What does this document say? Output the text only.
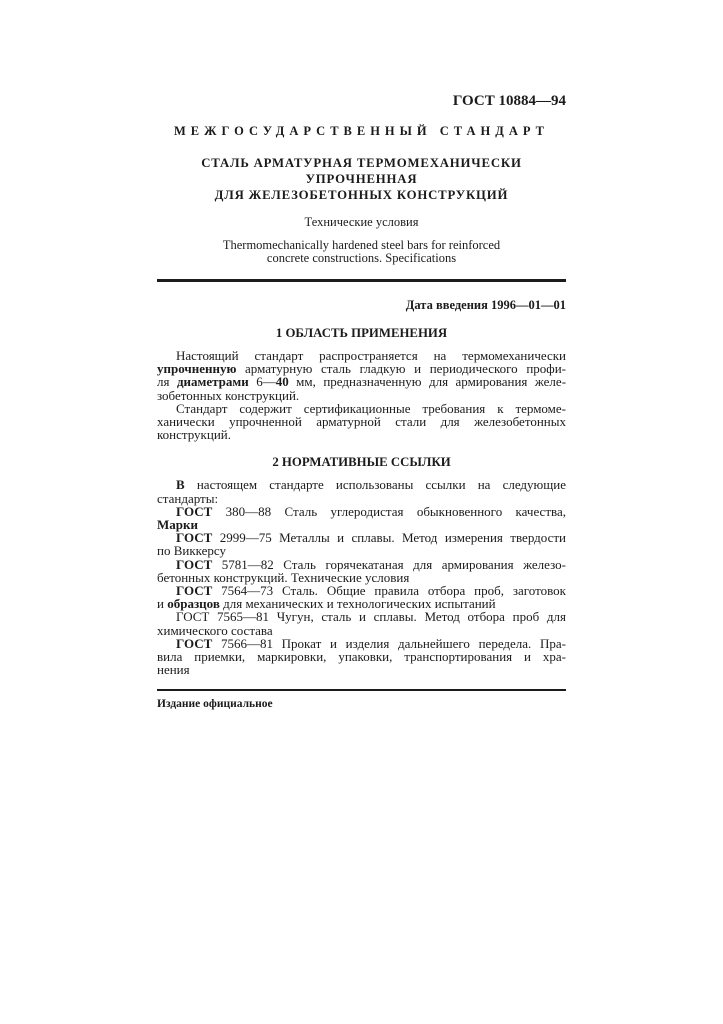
ГОСТ 10884—94
МЕЖГОСУДАРСТВЕННЫЙ СТАНДАРТ
СТАЛЬ АРМАТУРНАЯ ТЕРМОМЕХАНИЧЕСКИ УПРОЧНЕННАЯ
ДЛЯ ЖЕЛЕЗОБЕТОННЫХ КОНСТРУКЦИЙ
Технические условия
Thermomechanically hardened steel bars for reinforced
concrete constructions. Specifications
Дата введения 1996—01—01
1 ОБЛАСТЬ ПРИМЕНЕНИЯ
Настоящий стандарт распространяется на термомеханически
упрочненную арматурную сталь гладкую и периодического профи-
ля диаметрами 6—40 мм, предназначенную для армирования желе-
зобетонных конструкций.
Стандарт содержит сертификационные требования к термоме-
ханически упрочненной арматурной стали для железобетонных
конструкций.
2 НОРМАТИВНЫЕ ССЫЛКИ
В настоящем стандарте использованы ссылки на следующие
стандарты:
ГОСТ 380—88 Сталь углеродистая обыкновенного качества,
Марки
ГОСТ 2999—75 Металлы и сплавы. Метод измерения твердости
по Виккерсу
ГОСТ 5781—82 Сталь горячекатаная для армирования железо-
бетонных конструкций. Технические условия
ГОСТ 7564—73 Сталь. Общие правила отбора проб, заготовок
и образцов для механических и технологических испытаний
ГОСТ 7565—81 Чугун, сталь и сплавы. Метод отбора проб для
химического состава
ГОСТ 7566—81 Прокат и изделия дальнейшего передела. Пра-
вила приемки, маркировки, упаковки, транспортирования и хра-
нения
Издание официальное
